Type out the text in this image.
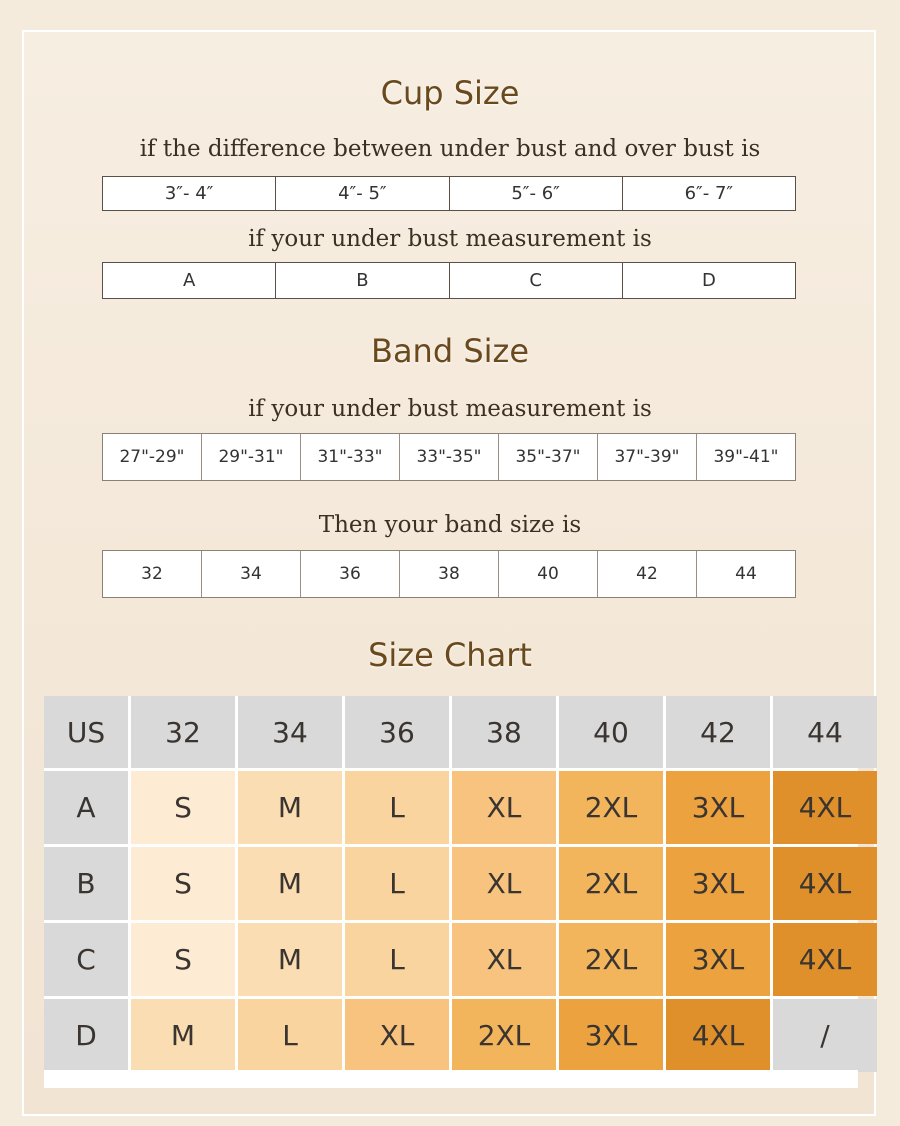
Cup Size
if the difference between under bust and over bust is
3″- 4″	4″- 5″	5″- 6″	6″- 7″
if your under bust measurement is
A	B	C	D
Band Size
if your under bust measurement is
27"-29"	29"-31"	31"-33"	33"-35"	35"-37"	37"-39"	39"-41"
Then your band size is
32	34	36	38	40	42	44
Size Chart
US	32	34	36	38	40	42	44
A	S	M	L	XL	2XL	3XL	4XL
B	S	M	L	XL	2XL	3XL	4XL
C	S	M	L	XL	2XL	3XL	4XL
D	M	L	XL	2XL	3XL	4XL	/
